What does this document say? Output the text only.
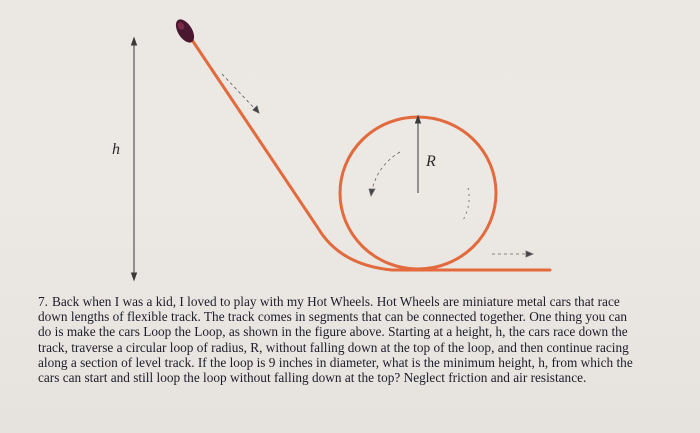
h
R

7. Back when I was a kid, I loved to play with my Hot Wheels. Hot Wheels are miniature metal cars that race down lengths of flexible track. The track comes in segments that can be connected together. One thing you can do is make the cars Loop the Loop, as shown in the figure above. Starting at a height, h, the cars race down the track, traverse a circular loop of radius, R, without falling down at the top of the loop, and then continue racing along a section of level track. If the loop is 9 inches in diameter, what is the minimum height, h, from which the cars can start and still loop the loop without falling down at the top? Neglect friction and air resistance.
